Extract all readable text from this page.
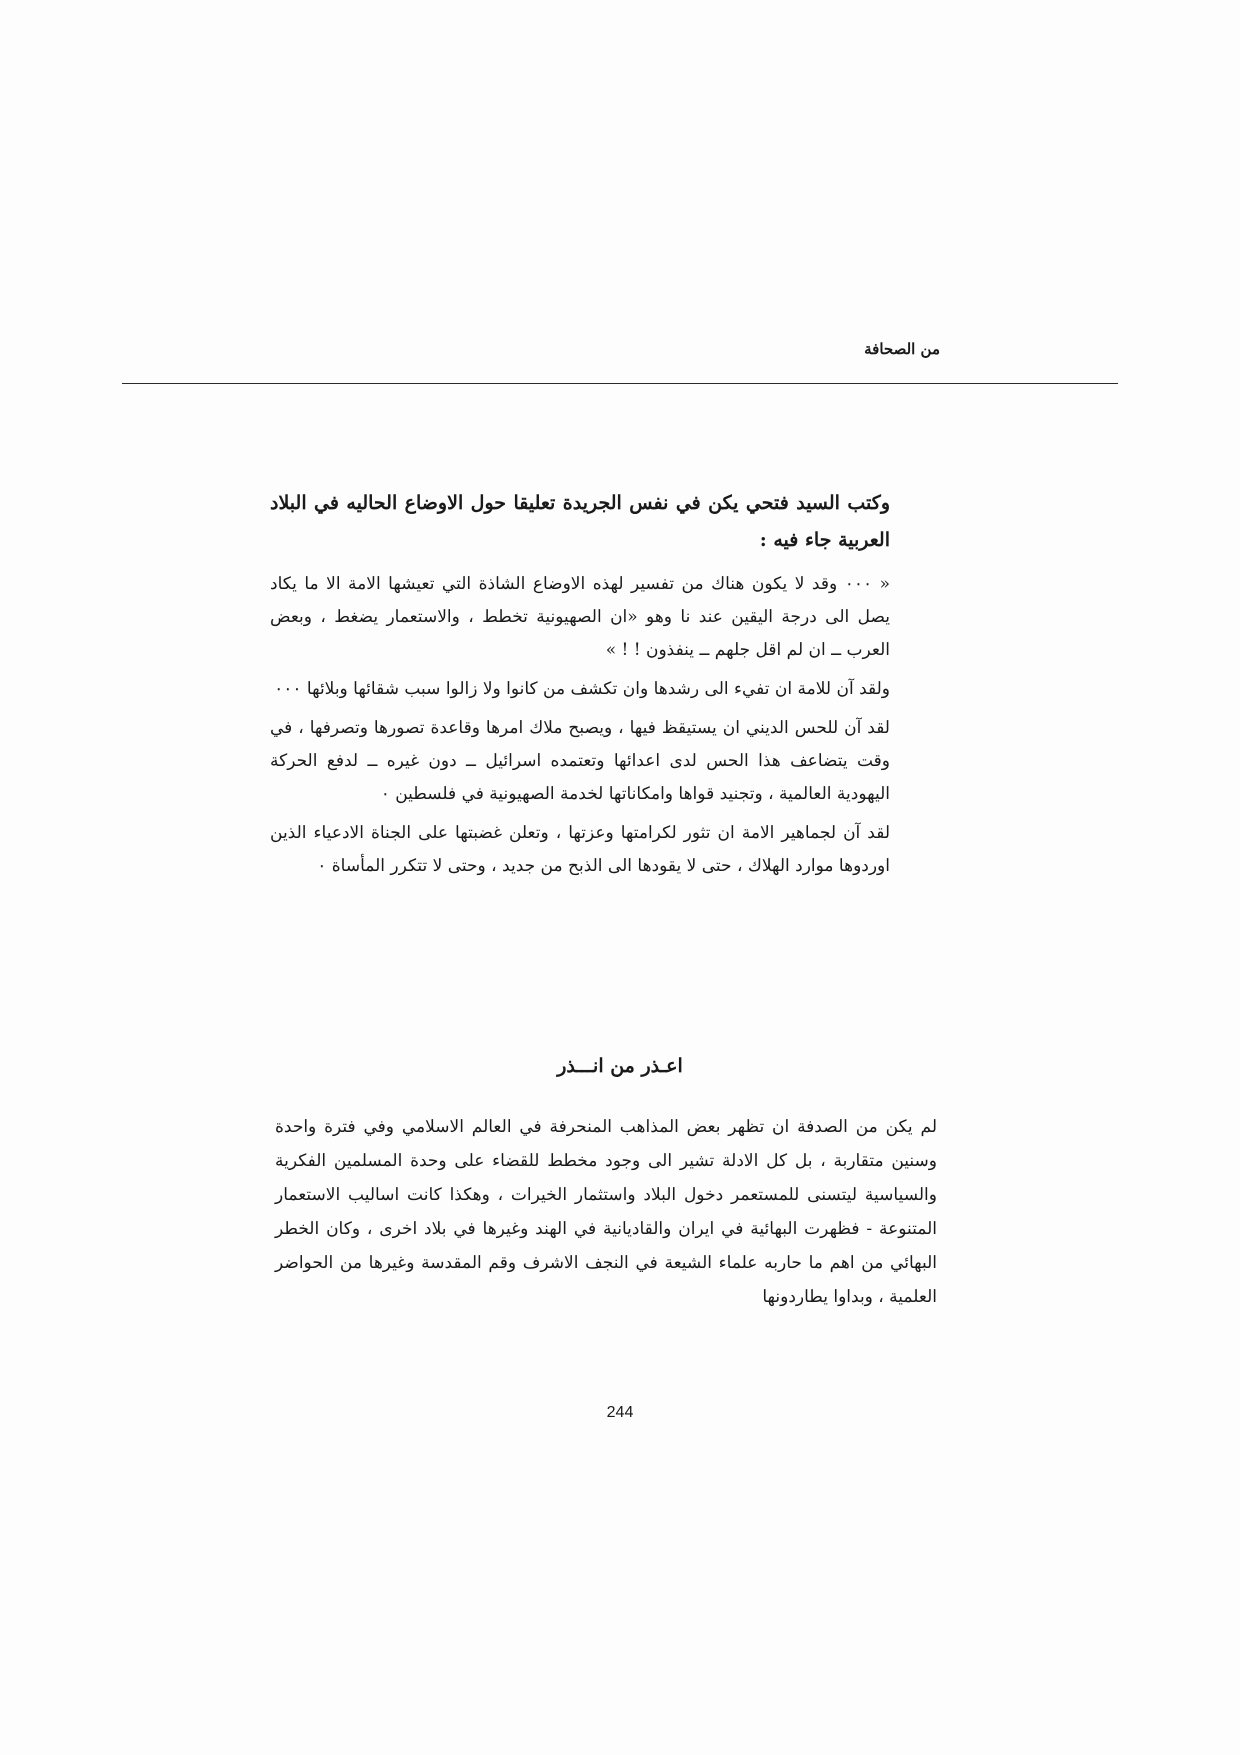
من الصحافة
وكتب السيد فتحي يكن في نفس الجريدة تعليقا حول الاوضاع الحاليه في البلاد العربية جاء فيه :

« ٠٠٠ وقد لا يكون هناك من تفسير لهذه الاوضاع الشاذة التي تعيشها الامة الا ما يكاد يصل الى درجة اليقين عند نا وهو «ان الصهيونية تخطط ، والاستعمار يضغط ، وبعض العرب ــ ان لم اقل جلهم ــ ينفذون ! ! »

ولقد آن للامة ان تفيء الى رشدها وان تكشف من كانوا ولا زالوا سبب شقائها وبلائها ٠٠٠

لقد آن للحس الديني ان يستيقظ فيها ، ويصبح ملاك امرها وقاعدة تصورها وتصرفها ، في وقت يتضاعف هذا الحس لدى اعدائها وتعتمده اسرائيل ــ دون غيره ــ لدفع الحركة اليهودية العالمية ، وتجنيد قواها وامكاناتها لخدمة الصهيونية في فلسطين ٠

لقد آن لجماهير الامة ان تثور لكرامتها وعزتها ، وتعلن غضبتها على الجناة الادعياء الذين اوردوها موارد الهلاك ، حتى لا يقودها الى الذبح من جديد ، وحتى لا تتكرر المأساة ٠

اعـذر من انـــذر

لم يكن من الصدفة ان تظهر بعض المذاهب المنحرفة في العالم الاسلامي وفي فترة واحدة وسنين متقاربة ، بل كل الادلة تشير الى وجود مخطط للقضاء على وحدة المسلمين الفكرية والسياسية ليتسنى للمستعمر دخول البلاد واستثمار الخيرات ، وهكذا كانت اساليب الاستعمار المتنوعة - فظهرت البهائية في ايران والقاديانية في الهند وغيرها في بلاد اخرى ، وكان الخطر البهائي من اهم ما حاربه علماء الشيعة في النجف الاشرف وقم المقدسة وغيرها من الحواضر العلمية ، وبداوا يطاردونها

244
